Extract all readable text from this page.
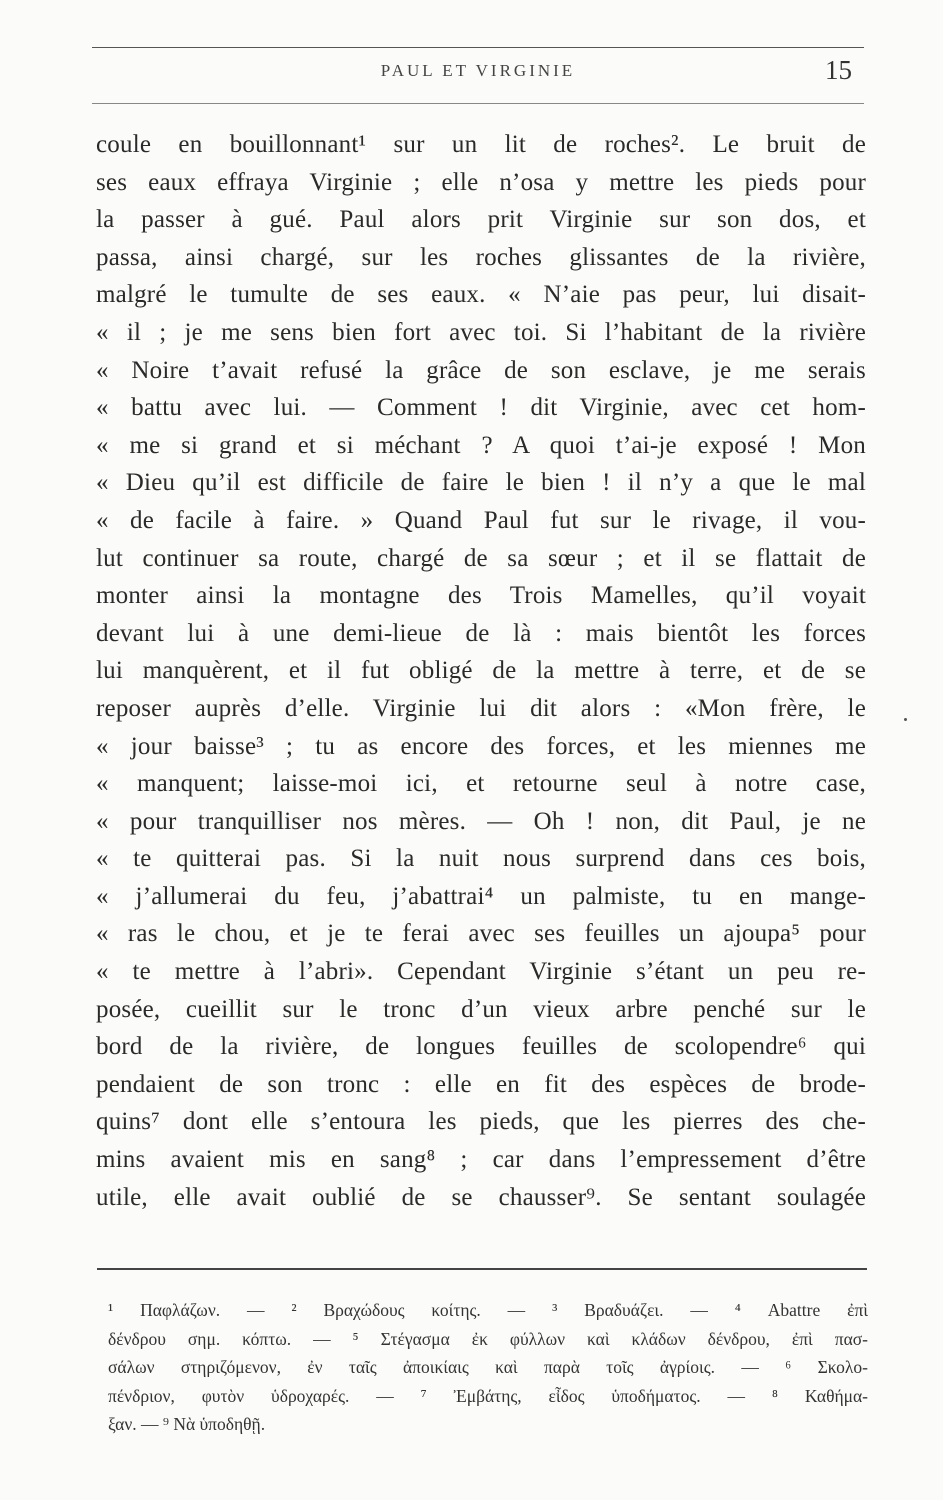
PAUL ET VIRGINIE	15
coule en bouillonnant¹ sur un lit de roches². Le bruit de
ses eaux effraya Virginie ; elle n’osa y mettre les pieds pour
la passer à gué. Paul alors prit Virginie sur son dos, et
passa, ainsi chargé, sur les roches glissantes de la rivière,
malgré le tumulte de ses eaux. « N’aie pas peur, lui disait-
« il ; je me sens bien fort avec toi. Si l’habitant de la rivière
« Noire t’avait refusé la grâce de son esclave, je me serais
« battu avec lui. — Comment ! dit Virginie, avec cet hom-
« me si grand et si méchant ? A quoi t’ai-je exposé ! Mon
« Dieu qu’il est difficile de faire le bien ! il n’y a que le mal
« de facile à faire. » Quand Paul fut sur le rivage, il vou-
lut continuer sa route, chargé de sa sœur ; et il se flattait de
monter ainsi la montagne des Trois Mamelles, qu’il voyait
devant lui à une demi-lieue de là : mais bientôt les forces
lui manquèrent, et il fut obligé de la mettre à terre, et de se
reposer auprès d’elle. Virginie lui dit alors : «Mon frère, le
« jour baisse³ ; tu as encore des forces, et les miennes me
« manquent; laisse-moi ici, et retourne seul à notre case,
« pour tranquilliser nos mères. — Oh ! non, dit Paul, je ne
« te quitterai pas. Si la nuit nous surprend dans ces bois,
« j’allumerai du feu, j’abattrai⁴ un palmiste, tu en mange-
« ras le chou, et je te ferai avec ses feuilles un ajoupa⁵ pour
« te mettre à l’abri». Cependant Virginie s’étant un peu re-
posée, cueillit sur le tronc d’un vieux arbre penché sur le
bord de la rivière, de longues feuilles de scolopendre⁶ qui
pendaient de son tronc : elle en fit des espèces de brode-
quins⁷ dont elle s’entoura les pieds, que les pierres des che-
mins avaient mis en sang⁸ ; car dans l’empressement d’être
utile, elle avait oublié de se chausser⁹. Se sentant soulagée
¹ Παφλάζων. — ² Βραχώδους κοίτης. — ³ Βραδυάζει. — ⁴ Abattre ἐπὶ
δένδρου σημ. κόπτω. — ⁵ Στέγασμα ἐκ φύλλων καὶ κλάδων δένδρου, ἐπὶ πασ-
σάλων στηριζόμενον, ἐν ταῖς ἀποικίαις καὶ παρὰ τοῖς ἀγρίοις. — ⁶ Σκολο-
πένδριον, φυτὸν ὑδροχαρές. — ⁷ Ἐμβάτης, εἶδος ὑποδήματος. — ⁸ Καθήμα-
ξαν. — ⁹ Νὰ ὑποδηθῇ.
